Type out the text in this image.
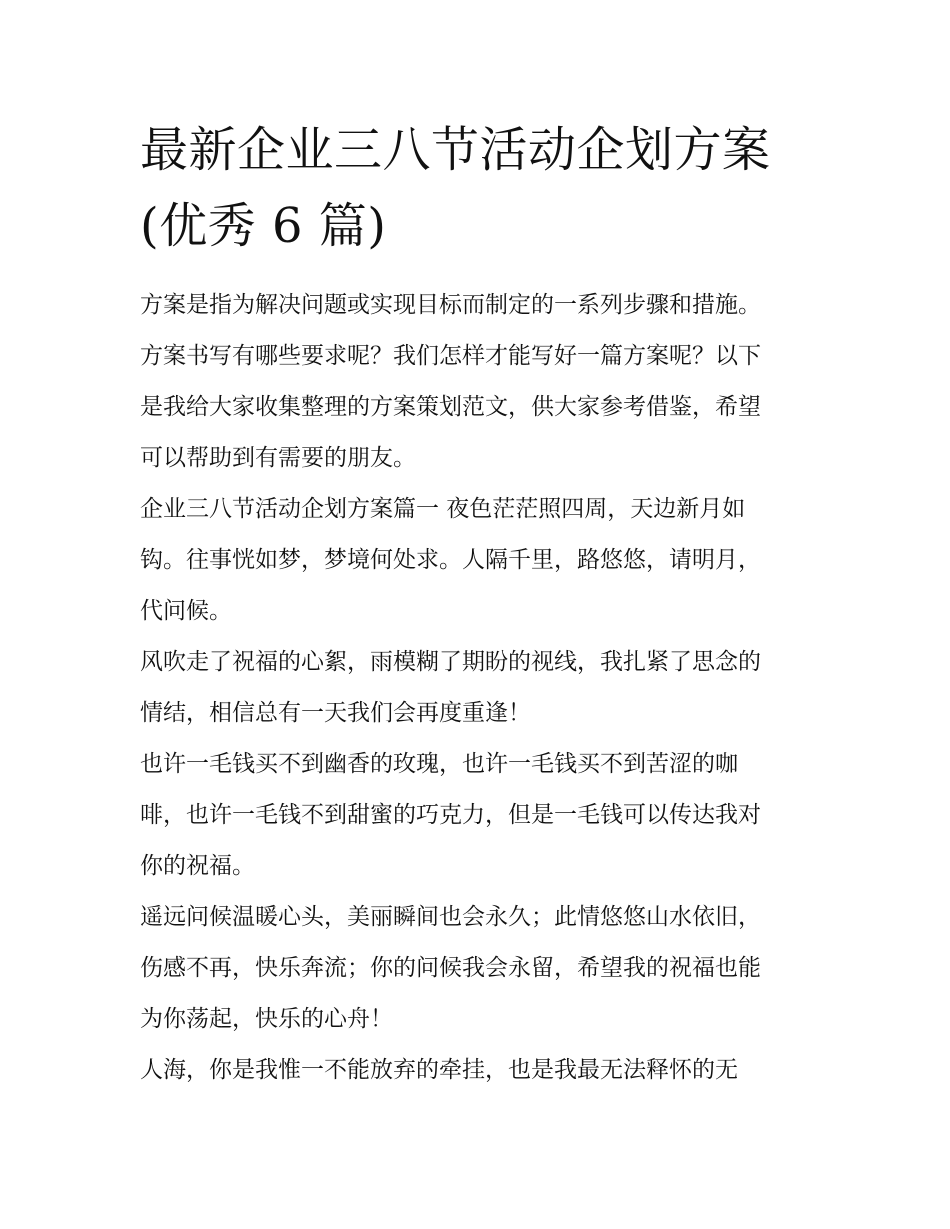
最新企业三八节活动企划方案
(优秀 6 篇)

方案是指为解决问题或实现目标而制定的一系列步骤和措施。
方案书写有哪些要求呢？我们怎样才能写好一篇方案呢？以下
是我给大家收集整理的方案策划范文，供大家参考借鉴，希望
可以帮助到有需要的朋友。

企业三八节活动企划方案篇一 夜色茫茫照四周，天边新月如
钩。往事恍如梦，梦境何处求。人隔千里，路悠悠，请明月，
代问候。

风吹走了祝福的心絮，雨模糊了期盼的视线，我扎紧了思念的
情结，相信总有一天我们会再度重逢！

也许一毛钱买不到幽香的玫瑰，也许一毛钱买不到苦涩的咖
啡，也许一毛钱不到甜蜜的巧克力，但是一毛钱可以传达我对
你的祝福。

遥远问候温暖心头，美丽瞬间也会永久；此情悠悠山水依旧，
伤感不再，快乐奔流；你的问候我会永留，希望我的祝福也能
为你荡起，快乐的心舟！

人海，你是我惟一不能放弃的牵挂，也是我最无法释怀的无
